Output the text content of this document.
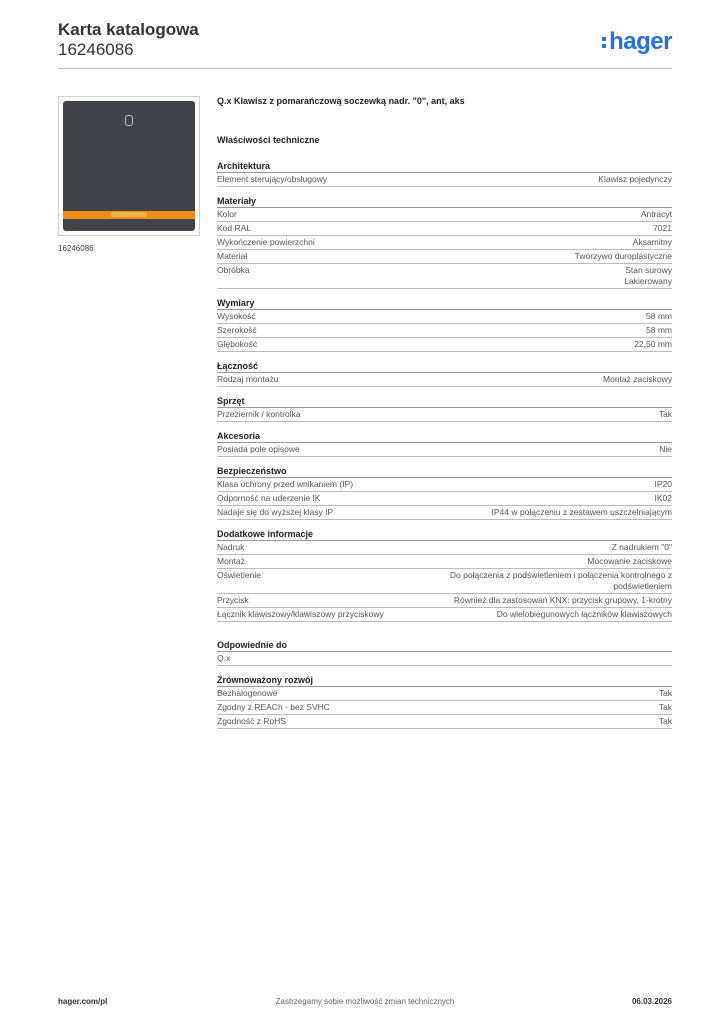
Karta katalogowa
16246086	hager
16246086
Q.x Klawisz z pomarańczową soczewką nadr. "0", ant, aks
Właściwości techniczne
Architektura
Element sterujący/obsługowy	Klawisz pojedynczy
Materiały
Kolor	Antracyt
Kod RAL	7021
Wykończenie powierzchni	Aksamitny
Materiał	Tworzywo duroplastyczne
Obróbka	Stan surowy
Lakierowany
Wymiary
Wysokość	58 mm
Szerokość	58 mm
Głębokość	22,50 mm
Łączność
Rodzaj montażu	Montaż zaciskowy
Sprzęt
Przeziernik / kontrolka	Tak
Akcesoria
Posiada pole opisowe	Nie
Bezpieczeństwo
Klasa ochrony przed wnikaniem (IP)	IP20
Odporność na uderzenie IK	IK02
Nadaje się do wyższej klasy IP	IP44 w połączeniu z zestawem uszczelniającym
Dodatkowe informacje
Nadruk	Z nadrukiem "0"
Montaż	Mocowanie zaciskowe
Oświetlenie	Do połączenia z podświetleniem i połączenia kontrolnego z
podświetleniem
Przycisk	Również dla zastosowań KNX: przycisk grupowy, 1-krotny
Łącznik klawiszowy/klawiszowy przyciskowy	Do wielobiegunowych łączników klawiszowych
Odpowiednie do
Q.x
Zrównoważony rozwój
Bezhalogenowe	Tak
Zgodny z REACh - bez SVHC	Tak
Zgodność z RoHS	Tak
Zastrzegamy sobie możliwość zmian technicznych
hager.com/pl	06.03.2026
